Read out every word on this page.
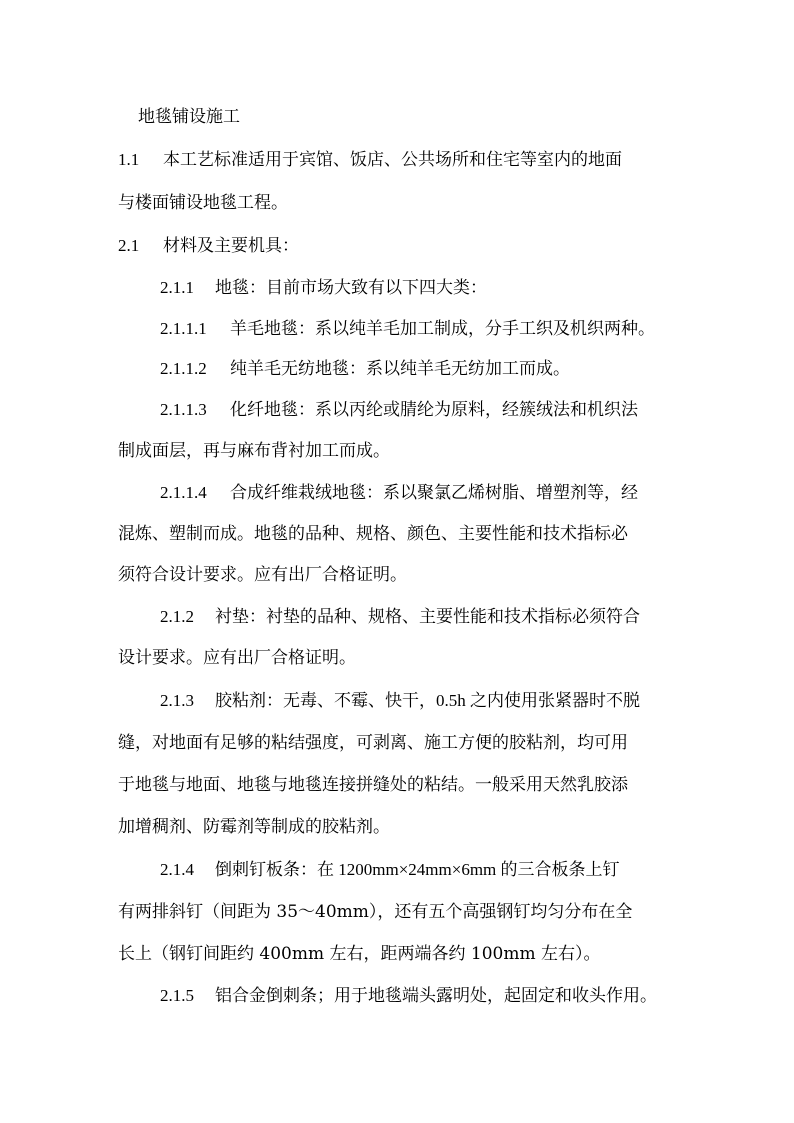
地毯铺设施工
1.1 本工艺标准适用于宾馆、饭店、公共场所和住宅等室内的地面
与楼面铺设地毯工程。
2.1 材料及主要机具：
2.1.1 地毯：目前市场大致有以下四大类：
2.1.1.1 羊毛地毯：系以纯羊毛加工制成，分手工织及机织两种。
2.1.1.2 纯羊毛无纺地毯：系以纯羊毛无纺加工而成。
2.1.1.3 化纤地毯：系以丙纶或腈纶为原料，经簇绒法和机织法
制成面层，再与麻布背衬加工而成。
2.1.1.4 合成纤维栽绒地毯：系以聚氯乙烯树脂、增塑剂等，经
混炼、塑制而成。地毯的品种、规格、颜色、主要性能和技术指标必
须符合设计要求。应有出厂合格证明。
2.1.2 衬垫：衬垫的品种、规格、主要性能和技术指标必须符合
设计要求。应有出厂合格证明。
2.1.3 胶粘剂：无毒、不霉、快干，0.5h 之内使用张紧器时不脱
缝，对地面有足够的粘结强度，可剥离、施工方便的胶粘剂，均可用
于地毯与地面、地毯与地毯连接拼缝处的粘结。一般采用天然乳胶添
加增稠剂、防霉剂等制成的胶粘剂。
2.1.4 倒刺钉板条：在 1200mm×24mm×6mm 的三合板条上钉
有两排斜钉（间距为 35～40mm），还有五个高强钢钉均匀分布在全
长上（钢钉间距约 400mm 左右，距两端各约 100mm 左右）。
2.1.5 铝合金倒刺条；用于地毯端头露明处，起固定和收头作用。
